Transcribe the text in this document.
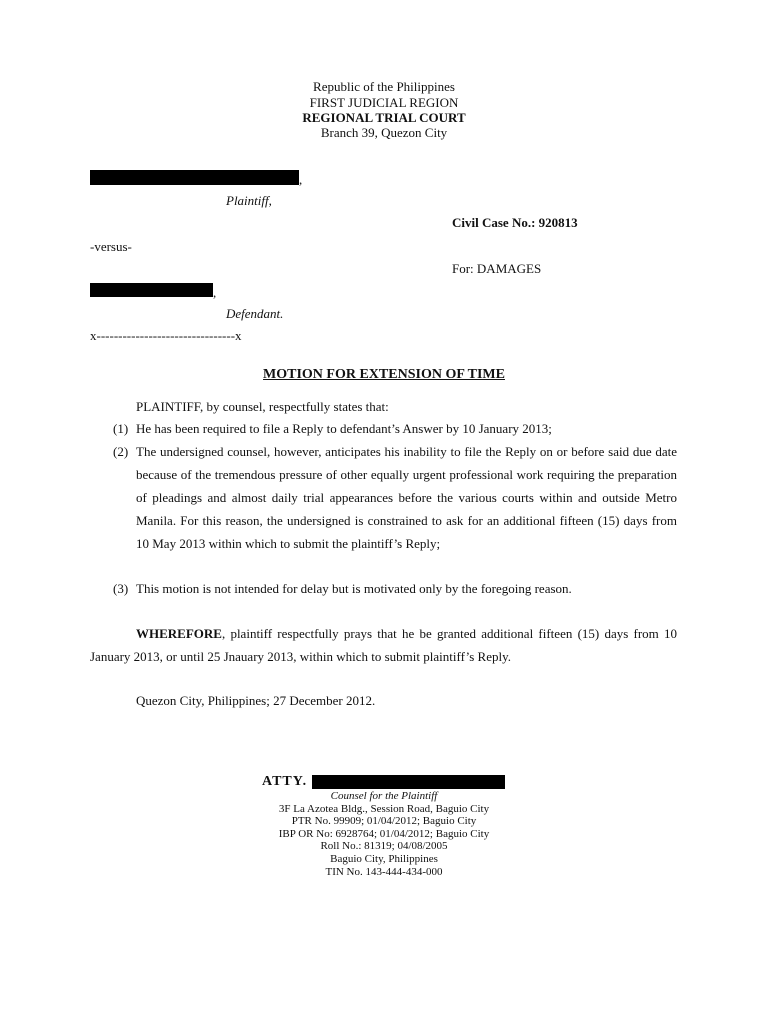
Republic of the Philippines
FIRST JUDICIAL REGION
REGIONAL TRIAL COURT
Branch 39, Quezon City
,
Plaintiff,
Civil Case No.: 920813
-versus-
For: DAMAGES
,
Defendant.
x--------------------------------x
MOTION FOR EXTENSION OF TIME
PLAINTIFF, by counsel, respectfully states that:
(1) He has been required to file a Reply to defendant’s Answer by 10 January 2013;
(2) The undersigned counsel, however, anticipates his inability to file the Reply on or before said due date because of the tremendous pressure of other equally urgent professional work requiring the preparation of pleadings and almost daily trial appearances before the various courts within and outside Metro Manila. For this reason, the undersigned is constrained to ask for an additional fifteen (15) days from 10 May 2013 within which to submit the plaintiff’s Reply;
(3) This motion is not intended for delay but is motivated only by the foregoing reason.
WHEREFORE, plaintiff respectfully prays that he be granted additional fifteen (15) days from 10 January 2013, or until 25 Jnauary 2013, within which to submit plaintiff’s Reply.
Quezon City, Philippines; 27 December 2012.
ATTY.
Counsel for the Plaintiff
3F La Azotea Bldg., Session Road, Baguio City
PTR No. 99909; 01/04/2012; Baguio City
IBP OR No: 6928764; 01/04/2012; Baguio City
Roll No.: 81319; 04/08/2005
Baguio City, Philippines
TIN No. 143-444-434-000
